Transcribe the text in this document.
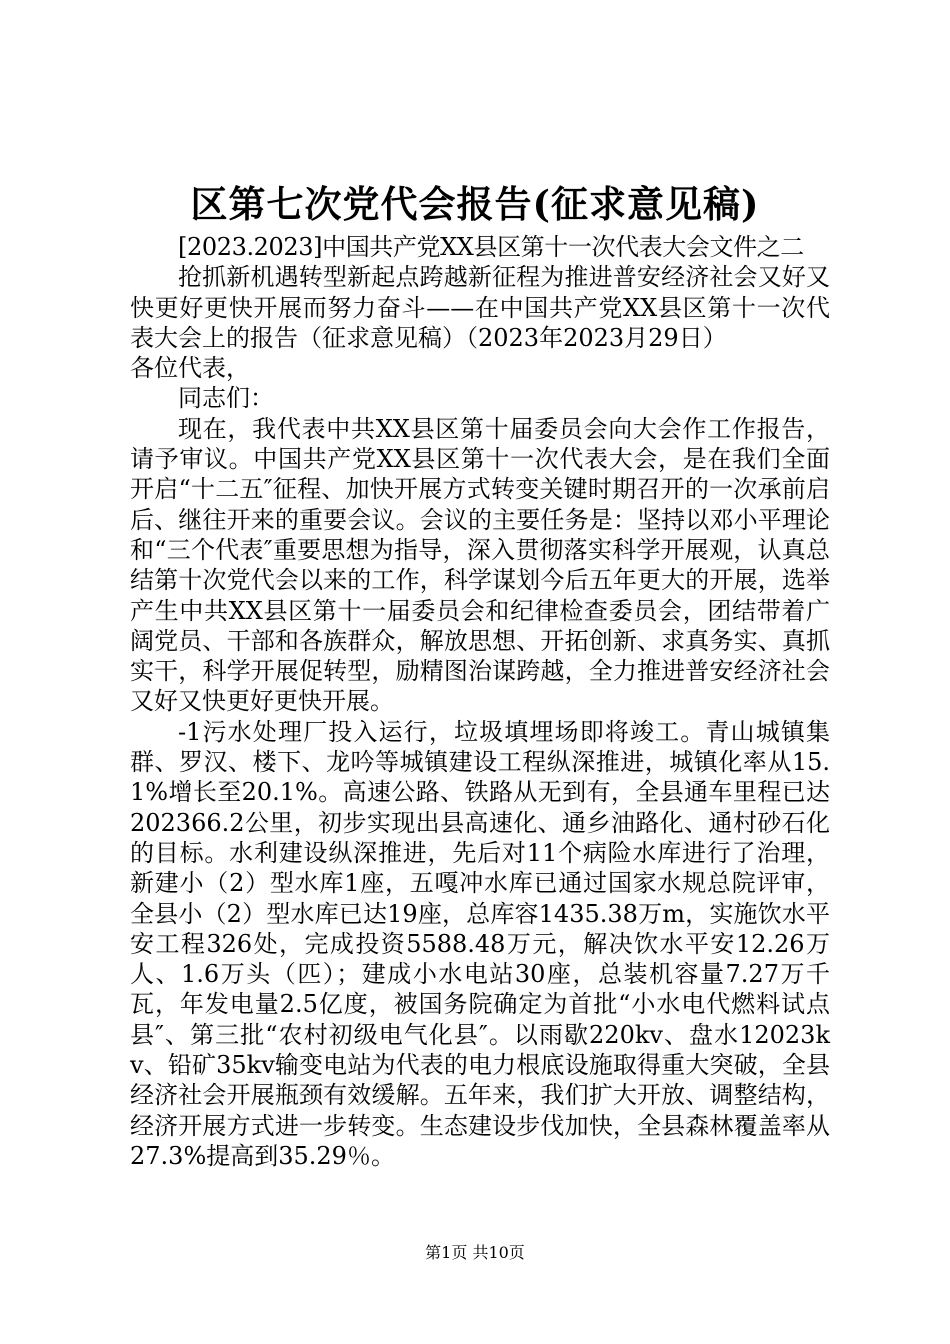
区第七次党代会报告(征求意见稿)

[2023.2023]中国共产党XX县区第十一次代表大会文件之二

抢抓新机遇转型新起点跨越新征程为推进普安经济社会又好又快更好更快开展而努力奋斗——在中国共产党XX县区第十一次代表大会上的报告（征求意见稿）（2023年2023月29日）

各位代表，

同志们：

现在，我代表中共XX县区第十届委员会向大会作工作报告，请予审议。中国共产党XX县区第十一次代表大会，是在我们全面开启“十二五″征程、加快开展方式转变关键时期召开的一次承前启后、继往开来的重要会议。会议的主要任务是：坚持以邓小平理论和“三个代表″重要思想为指导，深入贯彻落实科学开展观，认真总结第十次党代会以来的工作，科学谋划今后五年更大的开展，选举产生中共XX县区第十一届委员会和纪律检查委员会，团结带着广阔党员、干部和各族群众，解放思想、开拓创新、求真务实、真抓实干，科学开展促转型，励精图治谋跨越，全力推进普安经济社会又好又快更好更快开展。

-1污水处理厂投入运行，垃圾填埋场即将竣工。青山城镇集群、罗汉、楼下、龙吟等城镇建设工程纵深推进，城镇化率从15.1%增长至20.1%。高速公路、铁路从无到有，全县通车里程已达202366.2公里，初步实现出县高速化、通乡油路化、通村砂石化的目标。水利建设纵深推进，先后对11个病险水库进行了治理，新建小（2）型水库1座，五嘎冲水库已通过国家水规总院评审，全县小（2）型水库已达19座，总库容1435.38万m，实施饮水平安工程326处，完成投资5588.48万元，解决饮水平安12.26万人、1.6万头（匹）；建成小水电站30座，总装机容量7.27万千瓦，年发电量2.5亿度，被国务院确定为首批“小水电代燃料试点县″、第三批“农村初级电气化县″。以雨歇220kv、盘水12023kv、铅矿35kv输变电站为代表的电力根底设施取得重大突破，全县经济社会开展瓶颈有效缓解。五年来，我们扩大开放、调整结构，经济开展方式进一步转变。生态建设步伐加快，全县森林覆盖率从27.3%提高到35.29％。

第1页 共10页
